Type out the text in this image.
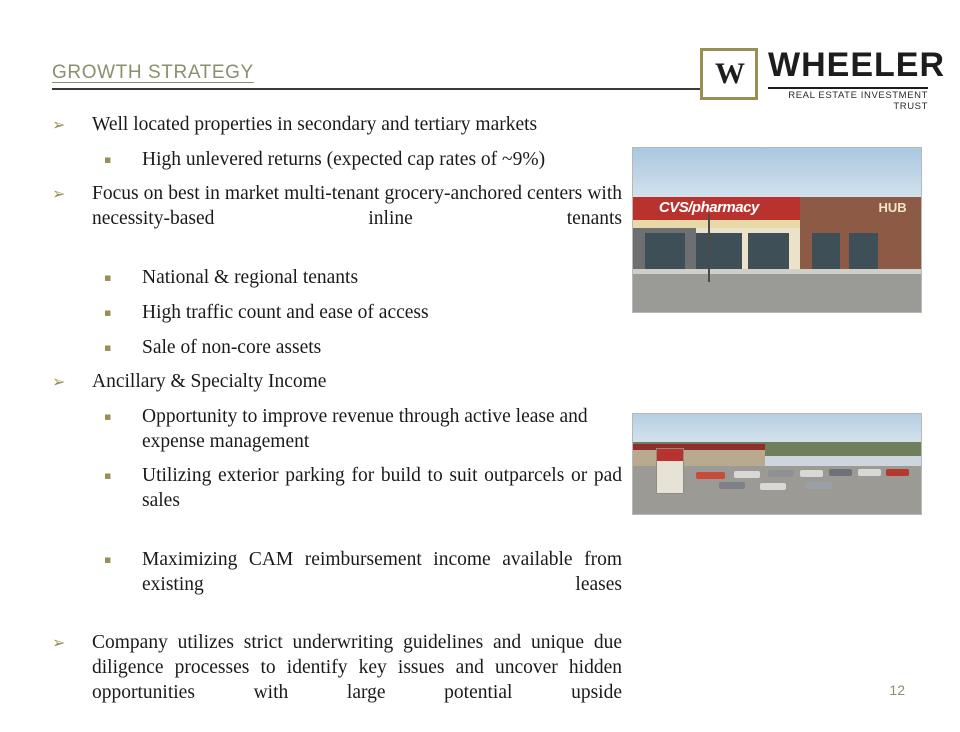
GROWTH STRATEGY	W WHEELER
REAL ESTATE INVESTMENT TRUST
➢	Well located properties in secondary and tertiary markets
▪	High unlevered returns (expected cap rates of ~9%)
➢	Focus on best in market multi-tenant grocery-anchored centers with necessity-based inline tenants
▪	National & regional tenants
▪	High traffic count and ease of access
▪	Sale of non-core assets
➢	Ancillary & Specialty Income
▪	Opportunity to improve revenue through active lease and expense management
▪	Utilizing exterior parking for build to suit outparcels or pad sales
▪	Maximizing CAM reimbursement income available from existing leases
➢	Company utilizes strict underwriting guidelines and unique due diligence processes to identify key issues and uncover hidden opportunities with large potential upside
CVS/pharmacy	HUB
12
